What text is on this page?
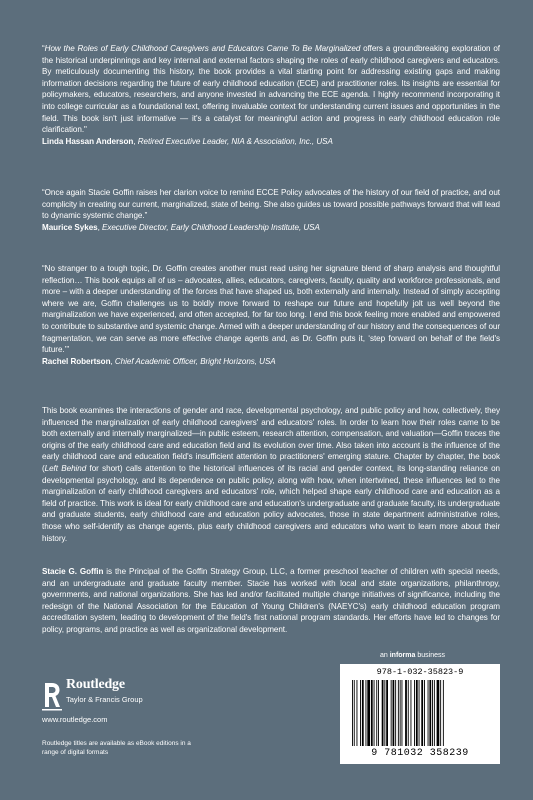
“How the Roles of Early Childhood Caregivers and Educators Came To Be Marginalized offers a groundbreaking exploration of the historical underpinnings and key internal and external factors shaping the roles of early childhood caregivers and educators. By meticulously documenting this history, the book provides a vital starting point for addressing existing gaps and making information decisions regarding the future of early childhood education (ECE) and practitioner roles. Its insights are essential for policymakers, educators, researchers, and anyone invested in advancing the ECE agenda. I highly recommend incorporating it into college curricular as a foundational text, offering invaluable context for understanding current issues and opportunities in the field. This book isn't just informative — it's a catalyst for meaningful action and progress in early childhood education role clarification."

Linda Hassan Anderson, Retired Executive Leader, NIA & Association, Inc., USA

“Once again Stacie Goffin raises her clarion voice to remind ECCE Policy advocates of the history of our field of practice, and out complicity in creating our current, marginalized, state of being. She also guides us toward possible pathways forward that will lead to dynamic systemic change.”

Maurice Sykes, Executive Director, Early Childhood Leadership Institute, USA

“No stranger to a tough topic, Dr. Goffin creates another must read using her signature blend of sharp analysis and thoughtful reflection… This book equips all of us – advocates, allies, educators, caregivers, faculty, quality and workforce professionals, and more – with a deeper understanding of the forces that have shaped us, both externally and internally. Instead of simply accepting where we are, Goffin challenges us to boldly move forward to reshape our future and hopefully jolt us well beyond the marginalization we have experienced, and often accepted, for far too long. I end this book feeling more enabled and empowered to contribute to substantive and systemic change. Armed with a deeper understanding of our history and the consequences of our fragmentation, we can serve as more effective change agents and, as Dr. Goffin puts it, ‘step forward on behalf of the field's future.’”

Rachel Robertson, Chief Academic Officer, Bright Horizons, USA

This book examines the interactions of gender and race, developmental psychology, and public policy and how, collectively, they influenced the marginalization of early childhood caregivers' and educators' roles. In order to learn how their roles came to be both externally and internally marginalized—in public esteem, research attention, compensation, and valuation—Goffin traces the origins of the early childhood care and education field and its evolution over time. Also taken into account is the influence of the early childhood care and education field's insufficient attention to practitioners' emerging stature. Chapter by chapter, the book (Left Behind for short) calls attention to the historical influences of its racial and gender context, its long-standing reliance on developmental psychology, and its dependence on public policy, along with how, when intertwined, these influences led to the marginalization of early childhood caregivers and educators' role, which helped shape early childhood care and education as a field of practice. This work is ideal for early childhood care and education's undergraduate and graduate faculty, its undergraduate and graduate students, early childhood care and education policy advocates, those in state department administrative roles, those who self-identify as change agents, plus early childhood caregivers and educators who want to learn more about their history.

Stacie G. Goffin is the Principal of the Goffin Strategy Group, LLC, a former preschool teacher of children with special needs, and an undergraduate and graduate faculty member. Stacie has worked with local and state organizations, philanthropy, governments, and national organizations. She has led and/or facilitated multiple change initiatives of significance, including the redesign of the National Association for the Education of Young Children's (NAEYC's) early childhood education program accreditation system, leading to development of the field's first national program standards. Her efforts have led to changes for policy, programs, and practice as well as organizational development.

Routledge
Taylor & Francis Group
www.routledge.com
Routledge titles are available as eBook editions in a range of digital formats
an informa business
978-1-032-35823-9
9 781032 358239
